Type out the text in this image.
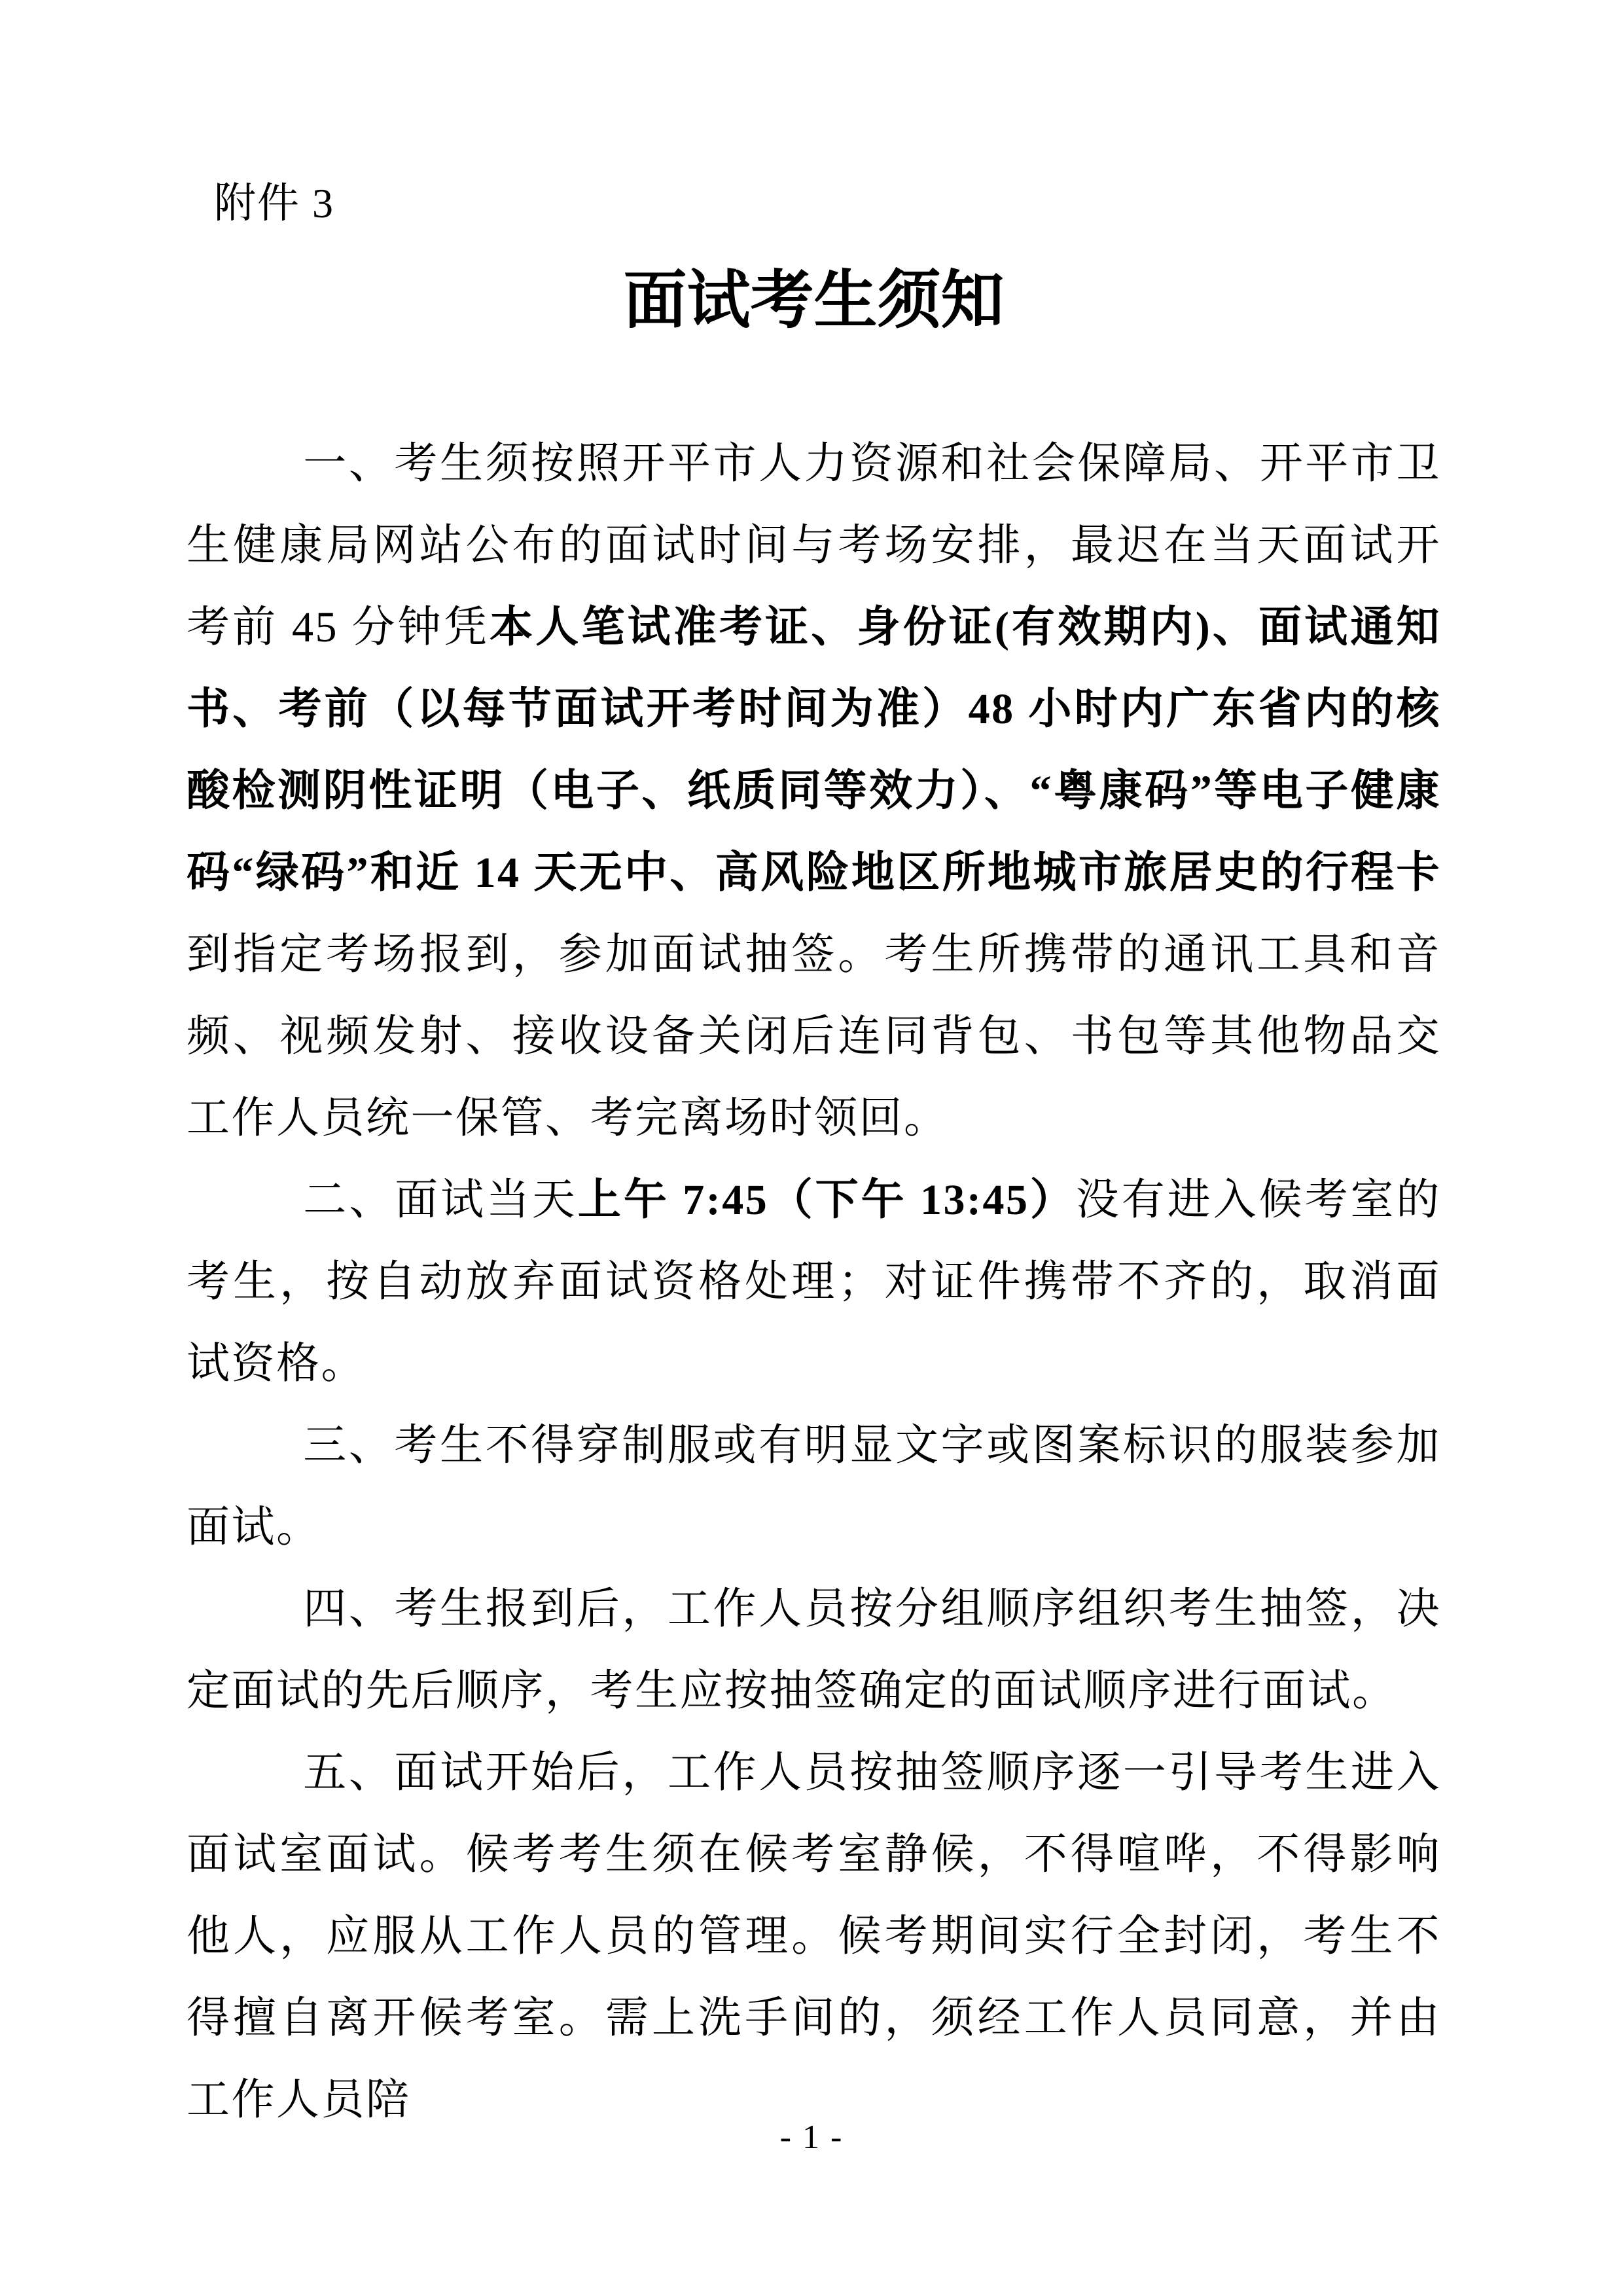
附件 3
面试考生须知

一、考生须按照开平市人力资源和社会保障局、开平市卫生健康局网站公布的面试时间与考场安排，最迟在当天面试开考前 45 分钟凭本人笔试准考证、身份证(有效期内)、面试通知书、考前（以每节面试开考时间为准）48 小时内广东省内的核酸检测阴性证明（电子、纸质同等效力）、“粤康码”等电子健康码“绿码”和近 14 天无中、高风险地区所地城市旅居史的行程卡到指定考场报到，参加面试抽签。考生所携带的通讯工具和音频、视频发射、接收设备关闭后连同背包、书包等其他物品交工作人员统一保管、考完离场时领回。

二、面试当天上午 7:45（下午 13:45）没有进入候考室的考生，按自动放弃面试资格处理；对证件携带不齐的，取消面试资格。

三、考生不得穿制服或有明显文字或图案标识的服装参加面试。

四、考生报到后，工作人员按分组顺序组织考生抽签，决定面试的先后顺序，考生应按抽签确定的面试顺序进行面试。

五、面试开始后，工作人员按抽签顺序逐一引导考生进入面试室面试。候考考生须在候考室静候，不得喧哗，不得影响他人，应服从工作人员的管理。候考期间实行全封闭，考生不得擅自离开候考室。需上洗手间的，须经工作人员同意，并由工作人员陪

- 1 -
